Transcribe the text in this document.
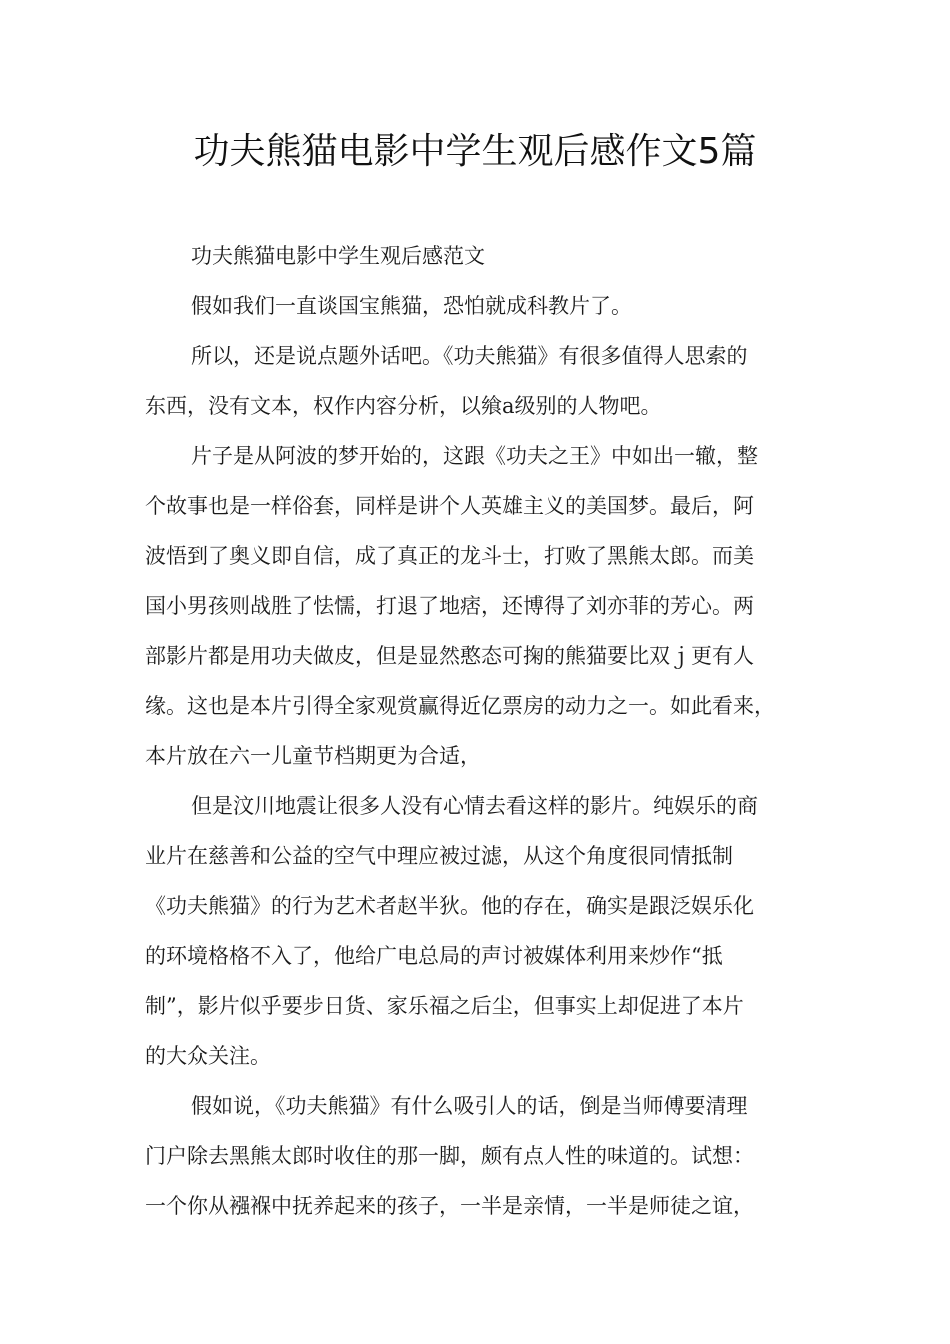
功夫熊猫电影中学生观后感作文5篇
功夫熊猫电影中学生观后感范文
假如我们一直谈国宝熊猫，恐怕就成科教片了。
所以，还是说点题外话吧。《功夫熊猫》有很多值得人思索的
东西，没有文本，权作内容分析，以飨a级别的人物吧。
片子是从阿波的梦开始的，这跟《功夫之王》中如出一辙，整
个故事也是一样俗套，同样是讲个人英雄主义的美国梦。最后，阿
波悟到了奥义即自信，成了真正的龙斗士，打败了黑熊太郎。而美
国小男孩则战胜了怯懦，打退了地痞，还博得了刘亦菲的芳心。两
部影片都是用功夫做皮，但是显然憨态可掬的熊猫要比双ｊ更有人
缘。这也是本片引得全家观赏赢得近亿票房的动力之一。如此看来，
本片放在六一儿童节档期更为合适，
但是汶川地震让很多人没有心情去看这样的影片。纯娱乐的商
业片在慈善和公益的空气中理应被过滤，从这个角度很同情抵制
《功夫熊猫》的行为艺术者赵半狄。他的存在，确实是跟泛娱乐化
的环境格格不入了，他给广电总局的声讨被媒体利用来炒作“抵
制”，影片似乎要步日货、家乐福之后尘，但事实上却促进了本片
的大众关注。
假如说，《功夫熊猫》有什么吸引人的话，倒是当师傅要清理
门户除去黑熊太郎时收住的那一脚，颇有点人性的味道的。试想：
一个你从襁褓中抚养起来的孩子，一半是亲情，一半是师徒之谊，
